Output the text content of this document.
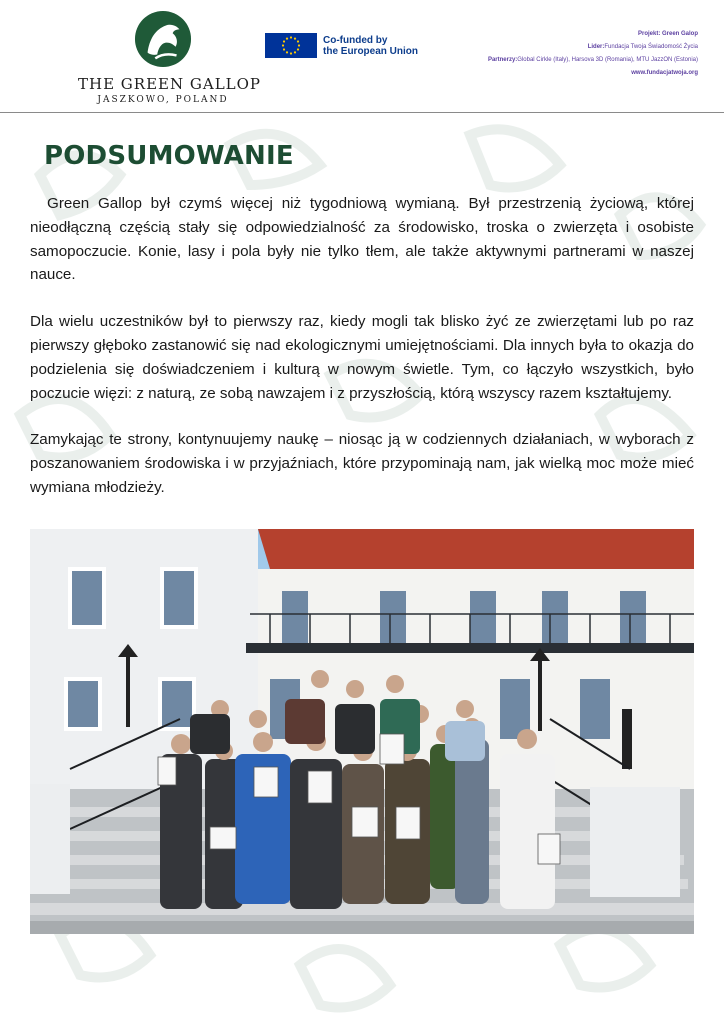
THE GREEN GALLOP
JASZKOWO, POLAND
Co-funded by
the European Union
Projekt: Green Galop
Lider:Fundacja Twoja Świadomość Życia
Partnerzy:Global Cirkle (Italy), Harsova 3D (Romania), MTU JazzON (Estonia)
www.fundacjatwoja.org
PODSUMOWANIE

Green Gallop był czymś więcej niż tygodniową wymianą. Był przestrzenią życiową, której nieodłączną częścią stały się odpowiedzialność za środowisko, troska o zwierzęta i osobiste samopoczucie. Konie, lasy i pola były nie tylko tłem, ale także aktywnymi partnerami w naszej nauce.

Dla wielu uczestników był to pierwszy raz, kiedy mogli tak blisko żyć ze zwierzętami lub po raz pierwszy głęboko zastanowić się nad ekologicznymi umiejętnościami. Dla innych była to okazja do podzielenia się doświadczeniem i kulturą w nowym świetle. Tym, co łączyło wszystkich, było poczucie więzi: z naturą, ze sobą nawzajem i z przyszłością, którą wszyscy razem kształtujemy.

Zamykając te strony, kontynuujemy naukę – niosąc ją w codziennych działaniach, w wyborach z poszanowaniem środowiska i w przyjaźniach, które przypominają nam, jak wielką moc może mieć wymiana młodzieży.
